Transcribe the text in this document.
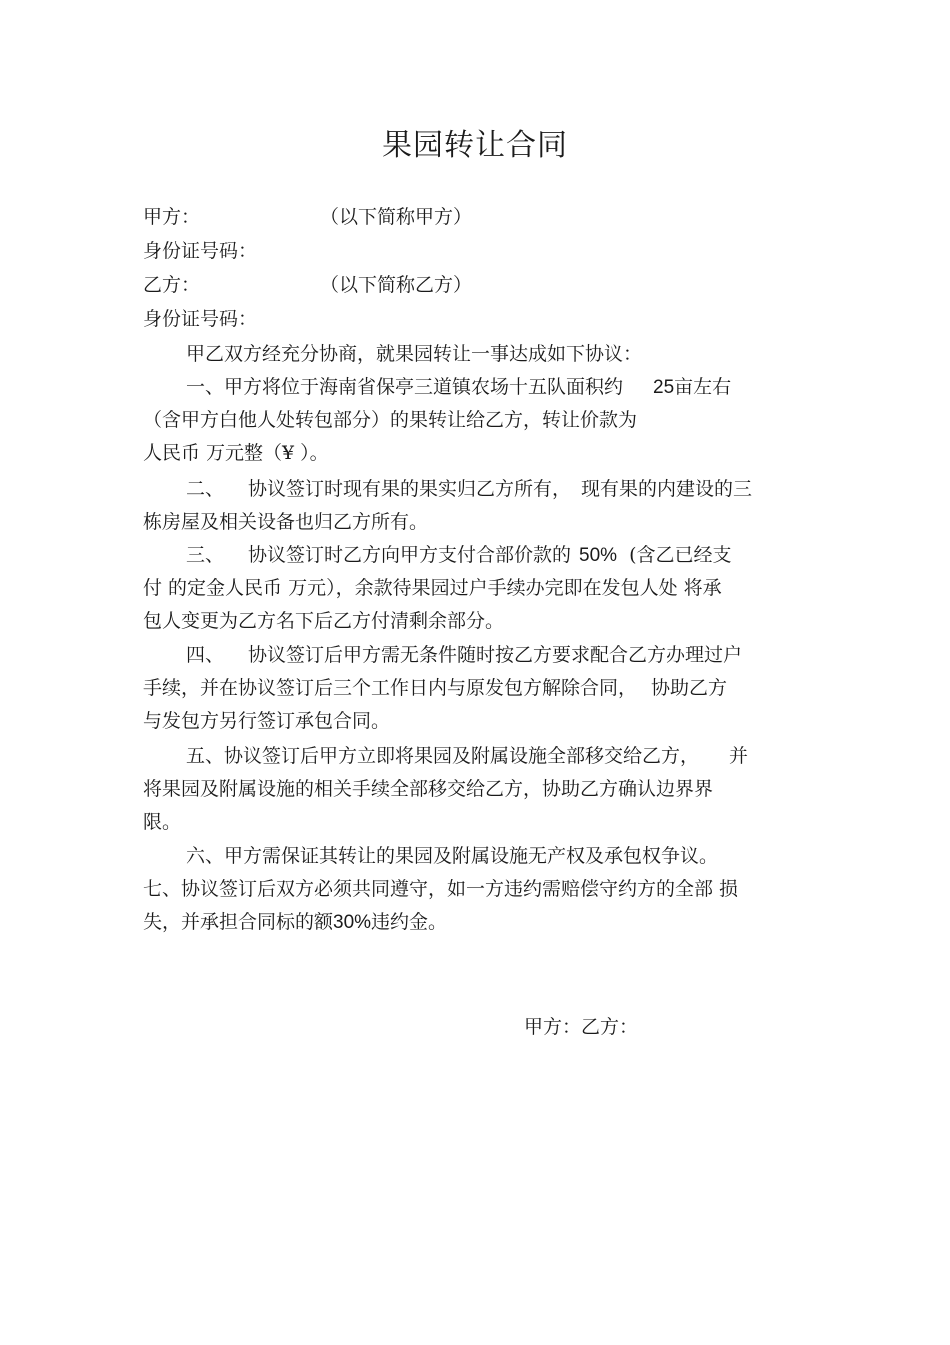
果园转让合同
甲方：	（以下简称甲方）
身份证号码：
乙方：	（以下简称乙方）
身份证号码：
甲乙双方经充分协商，就果园转让一事达成如下协议：
一、甲方将位于海南省保亭三道镇农场十五队面积约 25亩左右
（含甲方白他人处转包部分）的果转让给乙方，转让价款为
人民币 万元整（¥ ）。
二、 协议签订时现有果的果实归乙方所有， 现有果的内建设的三
栋房屋及相关设备也归乙方所有。
三、 协议签订时乙方向甲方支付合部价款的 50% (含乙已经支
付 的定金人民币 万元），余款待果园过户手续办完即在发包人处 将承
包人变更为乙方名下后乙方付清剩余部分。
四、 协议签订后甲方需无条件随时按乙方要求配合乙方办理过户
手续，并在协议签订后三个工作日内与原发包方解除合同， 协助乙方
与发包方另行签订承包合同。
五、协议签订后甲方立即将果园及附属设施全部移交给乙方， 并
将果园及附属设施的相关手续全部移交给乙方，协助乙方确认边界界
限。
六、甲方需保证其转让的果园及附属设施无产权及承包权争议。
七、协议签订后双方必须共同遵守，如一方违约需赔偿守约方的全部 损
失，并承担合同标的额30%违约金。
甲方：乙方：
